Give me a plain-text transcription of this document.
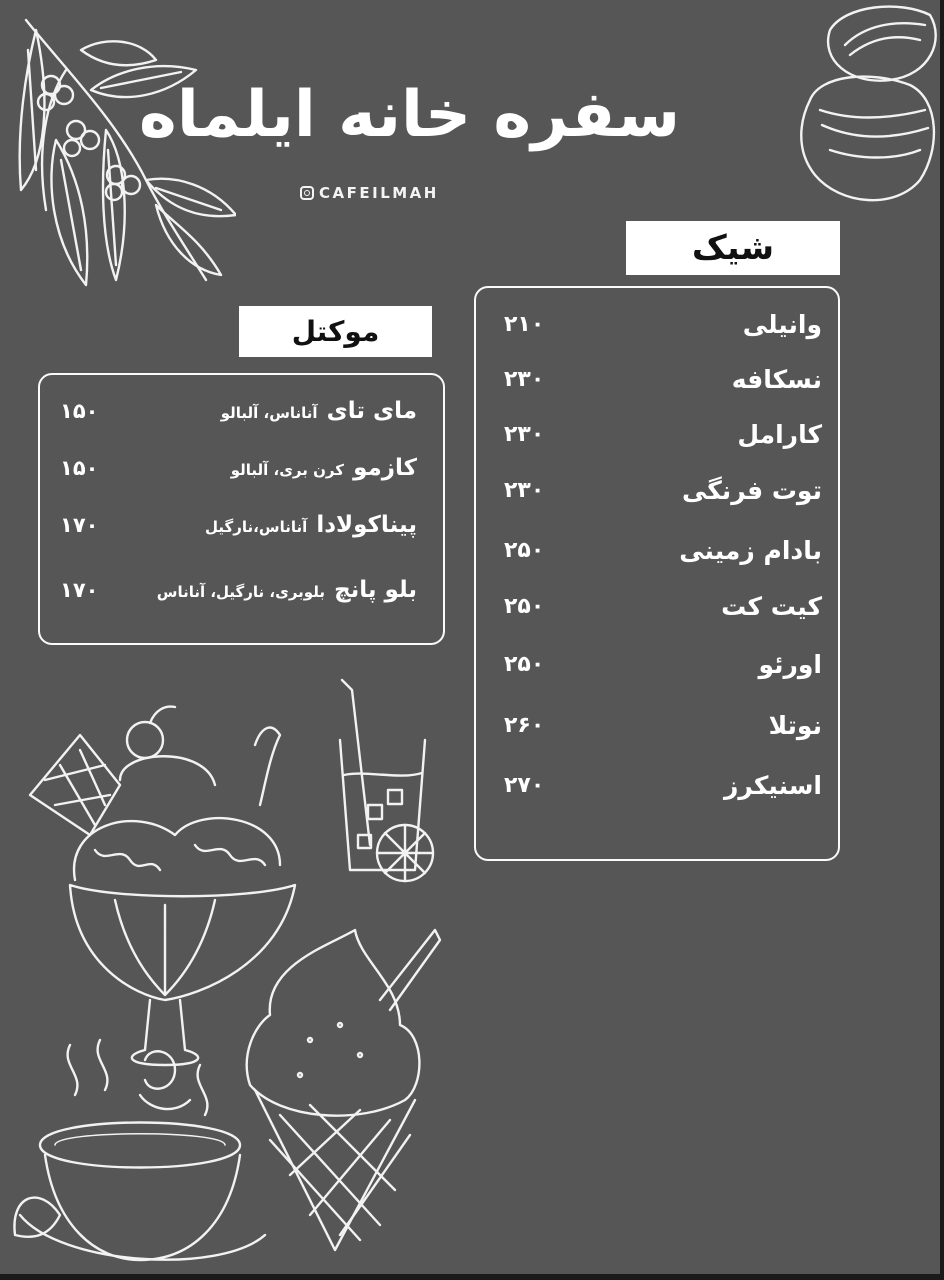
سفره خانه ایلماه
CAFEILMAH
شیک
وانیلی
۲۱۰
نسکافه
۲۳۰
کارامل
۲۳۰
توت فرنگی
۲۳۰
بادام زمینی
۲۵۰
کیت کت
۲۵۰
اورئو
۲۵۰
نوتلا
۲۶۰
اسنیکرز
۲۷۰
موکتل
مای تای آناناس، آلبالو
۱۵۰
کازمو کرن بری، آلبالو
۱۵۰
پیناکولادا آناناس،نارگیل
۱۷۰
بلو پانچ بلوبری، نارگیل، آناناس
۱۷۰
